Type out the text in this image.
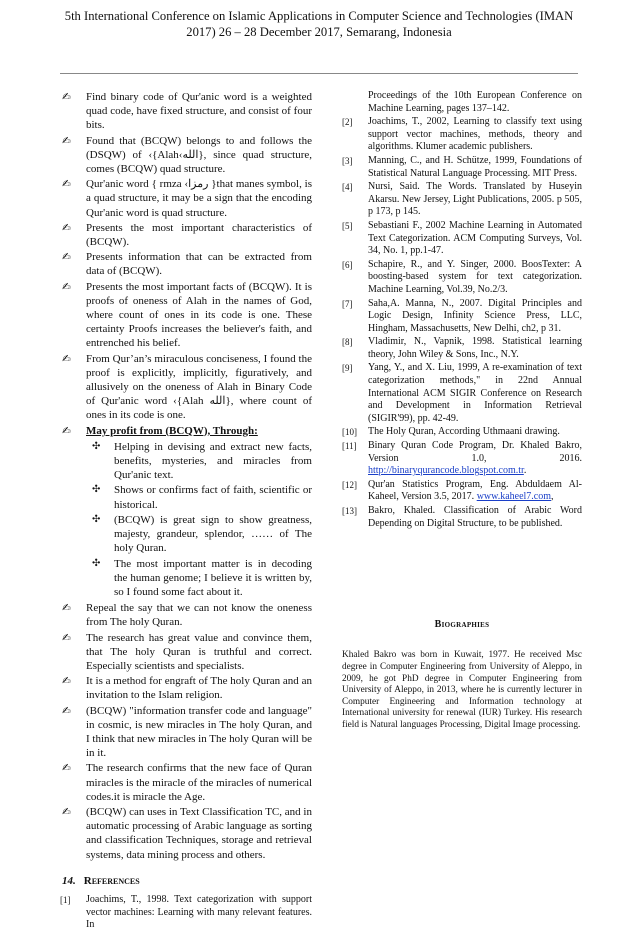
5th International Conference on Islamic Applications in Computer Science and Technologies (IMAN
2017) 26 – 28 December 2017, Semarang, Indonesia
✍ Find binary code of Qur'anic word is a weighted quad code, have fixed structure, and consist of four bits.
✍ Found that (BCQW) belongs to and follows the (DSQW) of ‹{Alah‹الله}, since quad structure, comes (BCQW) quad structure.
✍ Qur'anic word { rmza ‹رمزا }that manes symbol, is a quad structure, it may be a sign that the encoding Qur'anic word is quad structure.
✍ Presents the most important characteristics of (BCQW).
✍ Presents information that can be extracted from data of (BCQW).
✍ Presents the most important facts of (BCQW). It is proofs of oneness of Alah in the names of God, where count of ones in its code is one. These certainty Proofs increases the believer's faith, and entrenched his belief.
✍ From Qur’an’s miraculous conciseness, I found the proof is explicitly, implicitly, figuratively, and allusively on the oneness of Alah in Binary Code of Qur'anic word ‹{Alah الله}, where count of ones in its code is one.
✍ May profit from (BCQW), Through:
✣ Helping in devising and extract new facts, benefits, mysteries, and miracles from Qur'anic text.
✣ Shows or confirms fact of faith, scientific or historical.
✣ (BCQW) is great sign to show greatness, majesty, grandeur, splendor, …… of The holy Quran.
✣ The most important matter is in decoding the human genome; I believe it is written by, so I found some fact about it.
✍ Repeal the say that we can not know the oneness from The holy Quran.
✍ The research has great value and convince them, that The holy Quran is truthful and correct. Especially scientists and specialists.
✍ It is a method for engraft of The holy Quran and an invitation to the Islam religion.
✍ (BCQW) "information transfer code and language" in cosmic, is new miracles in The holy Quran, and I think that new miracles in The holy Quran will be in it.
✍ The research confirms that the new face of Quran miracles is the miracle of the miracles of numerical codes.it is miracle the Age.
✍ (BCQW) can uses in Text Classification TC, and in automatic processing of Arabic language as sorting and classification Techniques, storage and retrieval systems, data mining process and others.
14. References
[1] Joachims, T., 1998. Text categorization with support vector machines: Learning with many relevant features. In
Proceedings of the 10th European Conference on Machine Learning, pages 137–142.
[2] Joachims, T., 2002, Learning to classify text using support vector machines, methods, theory and algorithms. Klumer academic publishers.
[3] Manning, C., and H. Schütze, 1999, Foundations of Statistical Natural Language Processing. MIT Press.
[4] Nursi, Said. The Words. Translated by Huseyin Akarsu. New Jersey, Light Publications, 2005. p 505, p 173, p 145.
[5] Sebastiani F., 2002 Machine Learning in Automated Text Categorization. ACM Computing Surveys, Vol. 34, No. 1, pp.1-47.
[6] Schapire, R., and Y. Singer, 2000. BoosTexter: A boosting-based system for text categorization. Machine Learning, Vol.39, No.2/3.
[7] Saha,A. Manna, N., 2007. Digital Principles and Logic Design, Infinity Science Press, LLC, Hingham, Massachusetts, New Delhi, ch2, p 31.
[8] Vladimir, N., Vapnik, 1998. Statistical learning theory, John Wiley & Sons, Inc., N.Y.
[9] Yang, Y., and X. Liu, 1999, A re-examination of text categorization methods," in 22nd Annual International ACM SIGIR Conference on Research and Development in Information Retrieval (SIGIR'99), pp. 42-49.
[10] The Holy Quran, According Uthmaani drawing.
[11] Binary Quran Code Program, Dr. Khaled Bakro, Version 1.0, 2016. http://binaryqurancode.blogspot.com.tr.
[12] Qur'an Statistics Program, Eng. Abduldaem Al-Kaheel, Version 3.5, 2017. www.kaheel7.com,
[13] Bakro, Khaled. Classification of Arabic Word Depending on Digital Structure, to be published.
Biographies
Khaled Bakro was born in Kuwait, 1977. He received Msc degree in Computer Engineering from University of Aleppo, in 2009, he got PhD degree in Computer Engineering from University of Aleppo, in 2013, where he is currently lecturer in Computer Engineering and Information technology at International university for renewal (IUR) Turkey. His research field is Natural languages Processing, Digital Image processing.
